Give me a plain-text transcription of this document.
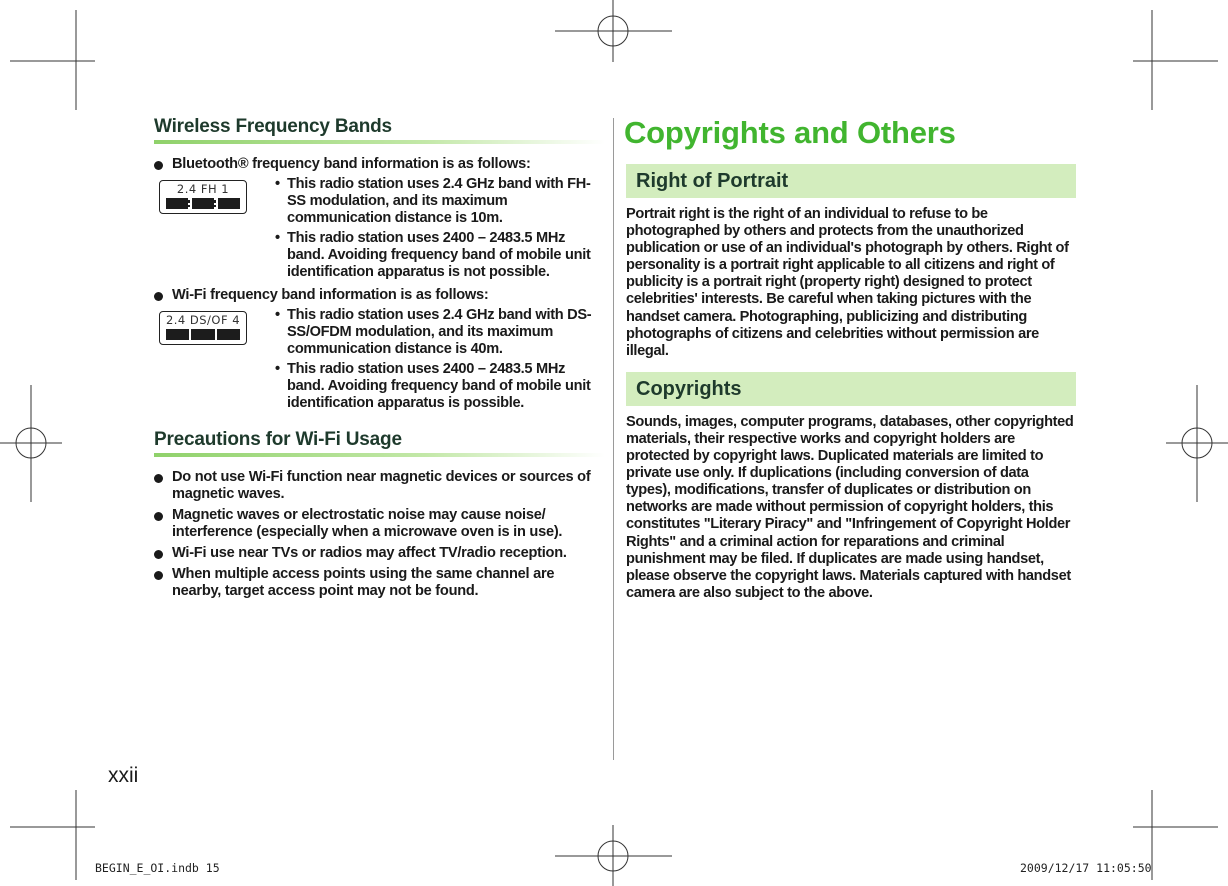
Wireless Frequency Bands
Bluetooth® frequency band information is as follows:
2.4 FH 1	• This radio station uses 2.4 GHz band with FH-SS modulation, and its maximum communication distance is 10m.
• This radio station uses 2400 – 2483.5 MHz band. Avoiding frequency band of mobile unit identification apparatus is not possible.
Wi-Fi frequency band information is as follows:
2.4 DS/OF 4	• This radio station uses 2.4 GHz band with DS-SS/OFDM modulation, and its maximum communication distance is 40m.
• This radio station uses 2400 – 2483.5 MHz band. Avoiding frequency band of mobile unit identification apparatus is possible.
Precautions for Wi-Fi Usage
Do not use Wi-Fi function near magnetic devices or sources of magnetic waves.
Magnetic waves or electrostatic noise may cause noise/ interference (especially when a microwave oven is in use).
Wi-Fi use near TVs or radios may affect TV/radio reception.
When multiple access points using the same channel are nearby, target access point may not be found.
Copyrights and Others
Right of Portrait
Portrait right is the right of an individual to refuse to be photographed by others and protects from the unauthorized publication or use of an individual's photograph by others. Right of personality is a portrait right applicable to all citizens and right of publicity is a portrait right (property right) designed to protect celebrities' interests. Be careful when taking pictures with the handset camera. Photographing, publicizing and distributing photographs of citizens and celebrities without permission are illegal.
Copyrights
Sounds, images, computer programs, databases, other copyrighted materials, their respective works and copyright holders are protected by copyright laws. Duplicated materials are limited to private use only. If duplications (including conversion of data types), modifications, transfer of duplicates or distribution on networks are made without permission of copyright holders, this constitutes "Literary Piracy" and "Infringement of Copyright Holder Rights" and a criminal action for reparations and criminal punishment may be filed. If duplicates are made using handset, please observe the copyright laws. Materials captured with handset camera are also subject to the above.
xxii
BEGIN_E_OI.indb 15	2009/12/17 11:05:50
